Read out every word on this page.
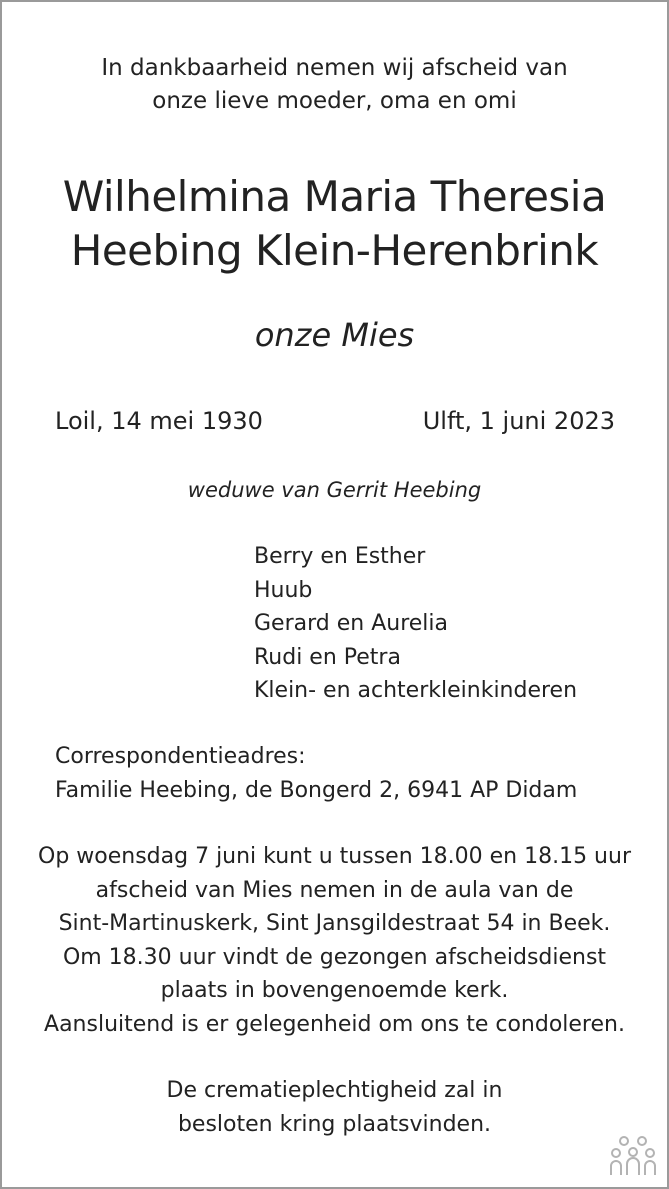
In dankbaarheid nemen wij afscheid van
onze lieve moeder, oma en omi
Wilhelmina Maria Theresia
Heebing Klein-Herenbrink
onze Mies
Loil, 14 mei 1930	Ulft, 1 juni 2023
weduwe van Gerrit Heebing
Berry en Esther
Huub
Gerard en Aurelia
Rudi en Petra
Klein- en achterkleinkinderen
Correspondentieadres:
Familie Heebing, de Bongerd 2, 6941 AP Didam
Op woensdag 7 juni kunt u tussen 18.00 en 18.15 uur
afscheid van Mies nemen in de aula van de
Sint-Martinuskerk, Sint Jansgildestraat 54 in Beek.
Om 18.30 uur vindt de gezongen afscheidsdienst
plaats in bovengenoemde kerk.
Aansluitend is er gelegenheid om ons te condoleren.
De crematieplechtigheid zal in
besloten kring plaatsvinden.
